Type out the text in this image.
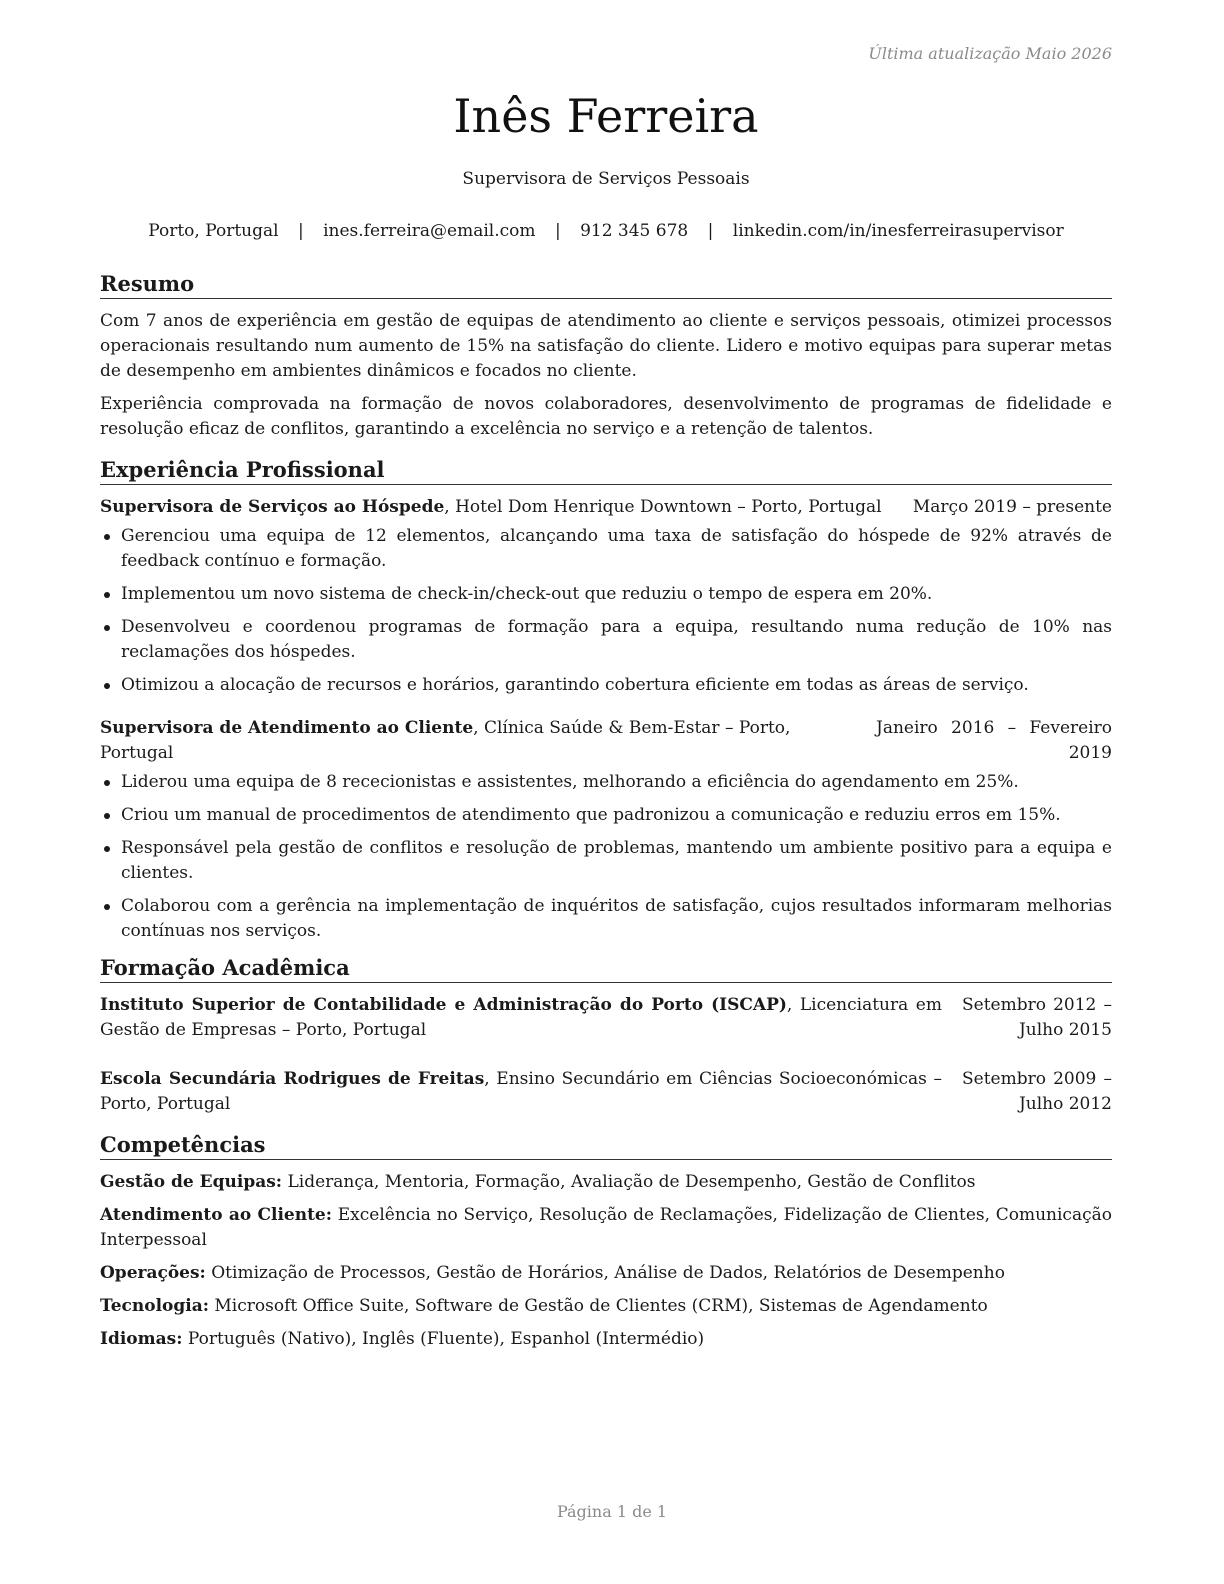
Última atualização Maio 2026
Inês Ferreira
Supervisora de Serviços Pessoais
Porto, Portugal | ines.ferreira@email.com | 912 345 678 | linkedin.com/in/inesferreirasupervisor
Resumo

Com 7 anos de experiência em gestão de equipas de atendimento ao cliente e serviços pessoais, otimizei processos operacionais resultando num aumento de 15% na satisfação do cliente. Lidero e motivo equipas para superar metas de desempenho em ambientes dinâmicos e focados no cliente.

Experiência comprovada na formação de novos colaboradores, desenvolvimento de programas de fidelidade e resolução eficaz de conflitos, garantindo a excelência no serviço e a retenção de talentos.

Experiência Profissional
Supervisora de Serviços ao Hóspede, Hotel Dom Henrique Downtown – Porto, Portugal	Março 2019 – presente
Gerenciou uma equipa de 12 elementos, alcançando uma taxa de satisfação do hóspede de 92% através de feedback contínuo e formação.
Implementou um novo sistema de check-in/check-out que reduziu o tempo de espera em 20%.
Desenvolveu e coordenou programas de formação para a equipa, resultando numa redução de 10% nas reclamações dos hóspedes.
Otimizou a alocação de recursos e horários, garantindo cobertura eficiente em todas as áreas de serviço.
Supervisora de Atendimento ao Cliente, Clínica Saúde & Bem-Estar – Porto, Portugal
Janeiro 2016 – Fevereiro 2019
Liderou uma equipa de 8 rececionistas e assistentes, melhorando a eficiência do agendamento em 25%.
Criou um manual de procedimentos de atendimento que padronizou a comunicação e reduziu erros em 15%.
Responsável pela gestão de conflitos e resolução de problemas, mantendo um ambiente positivo para a equipa e clientes.
Colaborou com a gerência na implementação de inquéritos de satisfação, cujos resultados informaram melhorias contínuas nos serviços.
Formação Acadêmica
Instituto Superior de Contabilidade e Administração do Porto (ISCAP), Licenciatura em Gestão de Empresas – Porto, Portugal
Setembro 2012 – Julho 2015
Escola Secundária Rodrigues de Freitas, Ensino Secundário em Ciências Socioeconómicas – Porto, Portugal
Setembro 2009 – Julho 2012
Competências
Gestão de Equipas: Liderança, Mentoria, Formação, Avaliação de Desempenho, Gestão de Conflitos
Atendimento ao Cliente: Excelência no Serviço, Resolução de Reclamações, Fidelização de Clientes, Comunicação Interpessoal
Operações: Otimização de Processos, Gestão de Horários, Análise de Dados, Relatórios de Desempenho
Tecnologia: Microsoft Office Suite, Software de Gestão de Clientes (CRM), Sistemas de Agendamento
Idiomas: Português (Nativo), Inglês (Fluente), Espanhol (Intermédio)
Página 1 de 1
